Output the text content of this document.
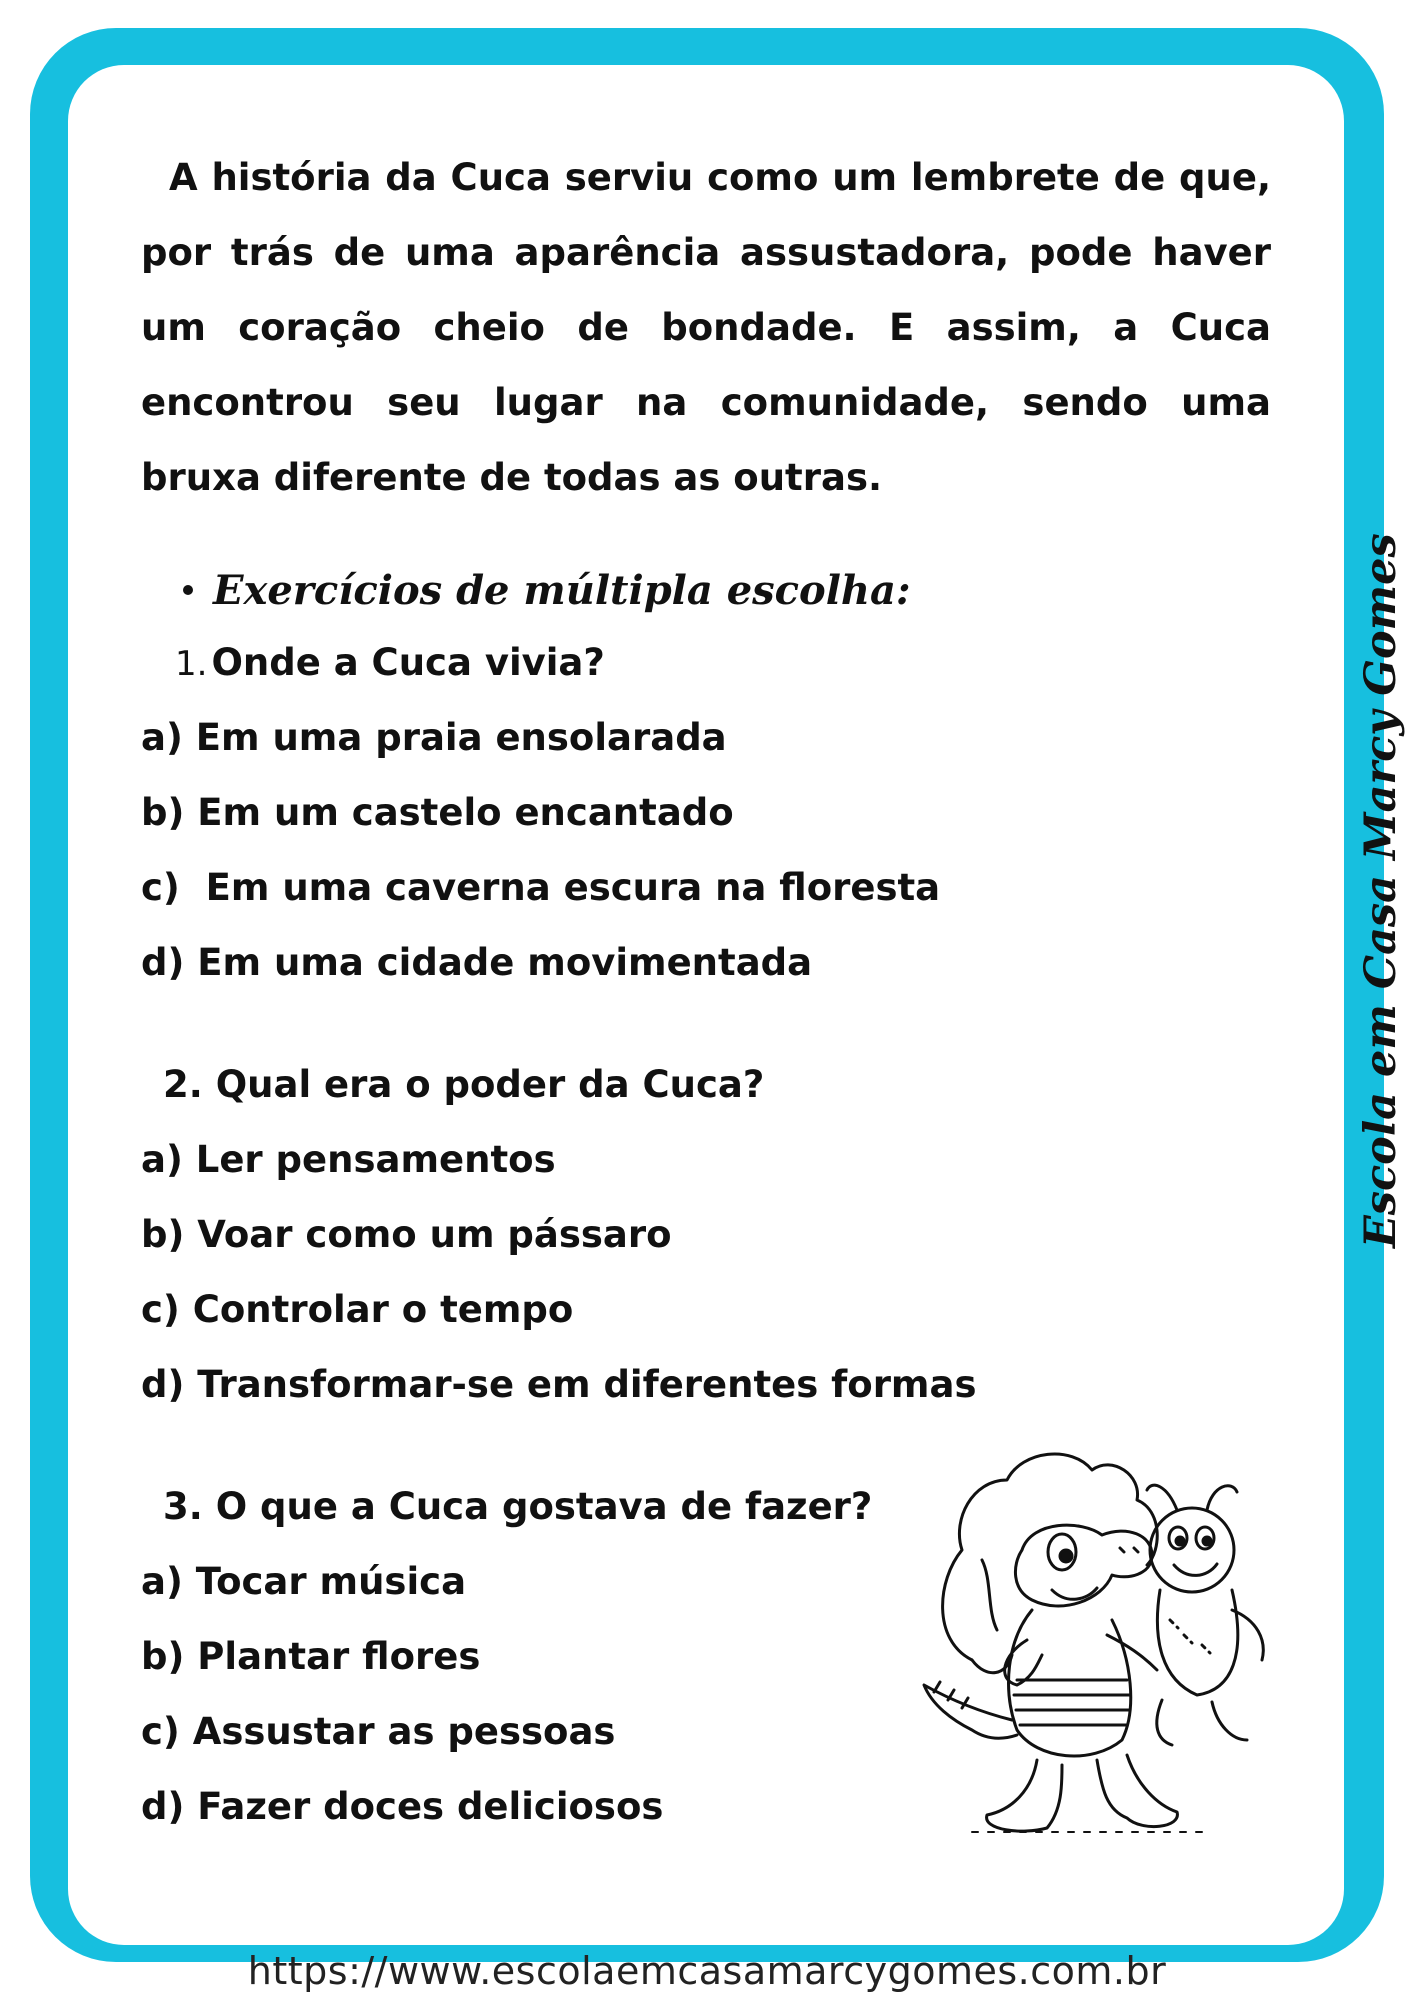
A história da Cuca serviu como um lembrete de que, por trás de uma aparência assustadora, pode haver um coração cheio de bondade. E assim, a Cuca encontrou seu lugar na comunidade, sendo uma bruxa diferente de todas as outras.

Exercícios de múltipla escolha:
1. Onde a Cuca vivia?
a) Em uma praia ensolarada
b) Em um castelo encantado
c)  Em uma caverna escura na floresta
d) Em uma cidade movimentada
2. Qual era o poder da Cuca?
a) Ler pensamentos
b) Voar como um pássaro
c) Controlar o tempo
d) Transformar-se em diferentes formas
3. O que a Cuca gostava de fazer?
a) Tocar música
b) Plantar flores
c) Assustar as pessoas
d) Fazer doces deliciosos
Escola em Casa Marcy Gomes
https://www.escolaemcasamarcygomes.com.br
